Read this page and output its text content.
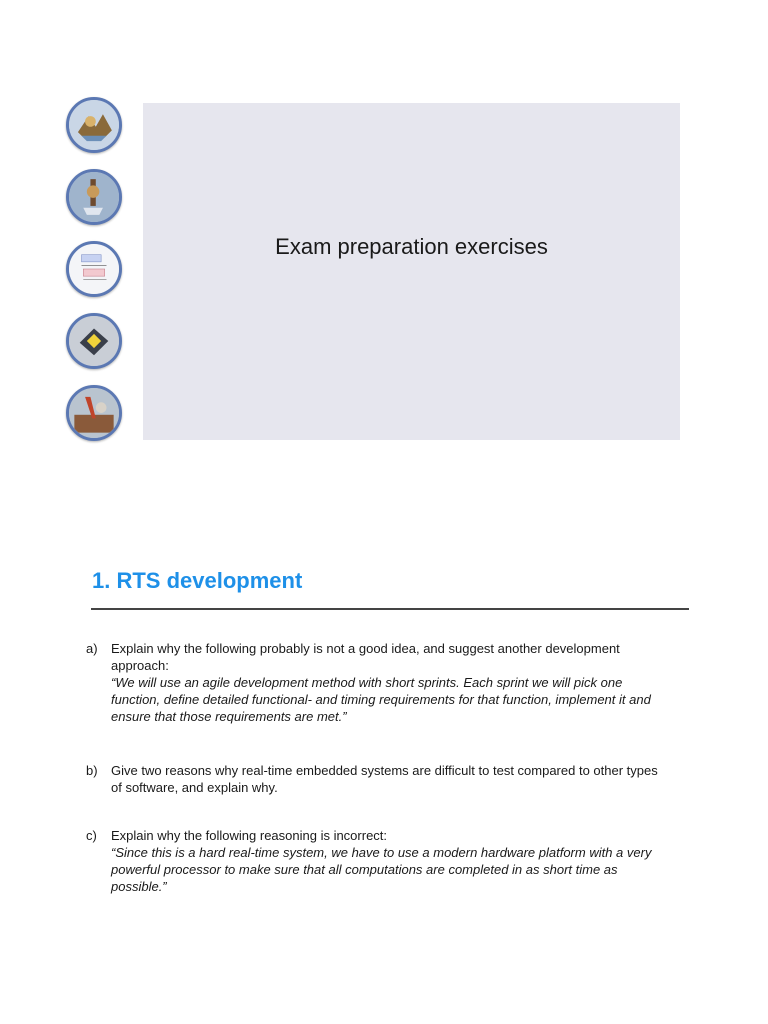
Exam preparation exercises
1. RTS development
a) Explain why the following probably is not a good idea, and suggest another development approach:

“We will use an agile development method with short sprints. Each sprint we will pick one function, define detailed functional- and timing requirements for that function, implement it and ensure that those requirements are met.”

b) Give two reasons why real-time embedded systems are difficult to test compared to other types of software, and explain why.

c) Explain why the following reasoning is incorrect:

“Since this is a hard real-time system, we have to use a modern hardware platform with a very powerful processor to make sure that all computations are completed in as short time as possible.”
